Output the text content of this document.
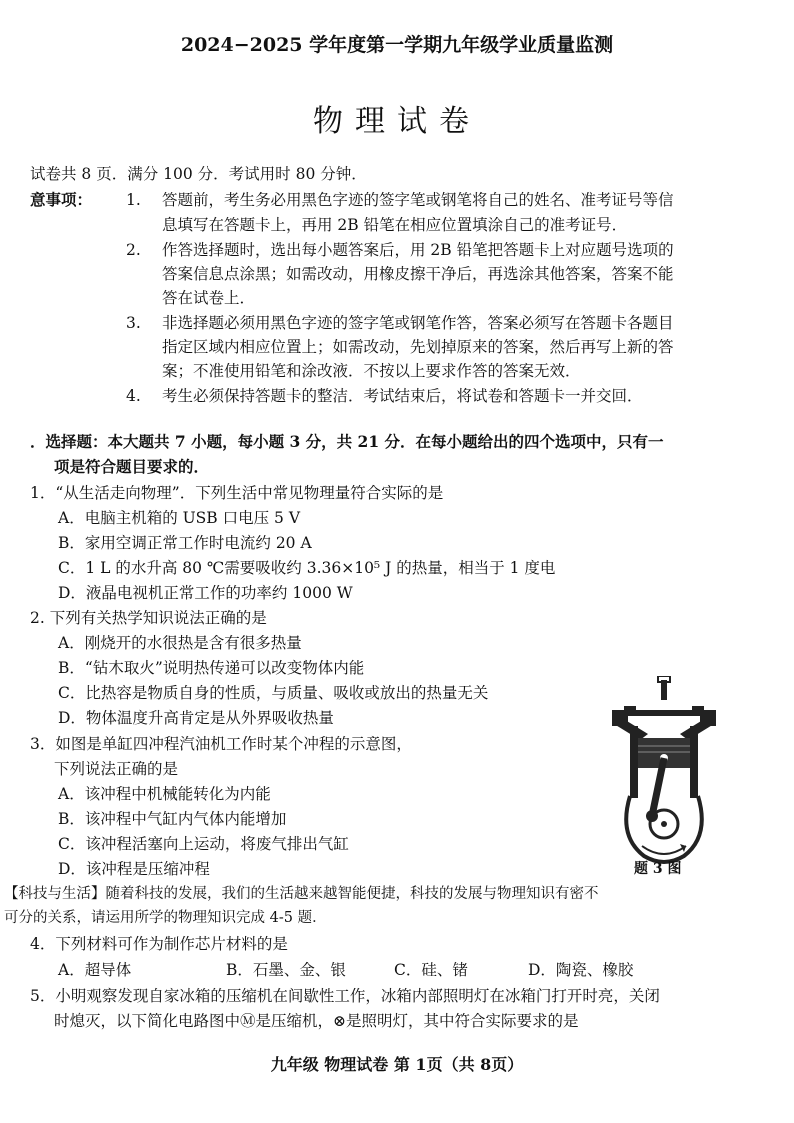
2024−2025 学年度第一学期九年级学业质量监测
物理试卷
试卷共 8 页．满分 100 分．考试用时 80 分钟．
意事项： 1. 答题前，考生务必用黑色字迹的签字笔或钢笔将自己的姓名、准考证号等信
息填写在答题卡上，再用 2B 铅笔在相应位置填涂自己的准考证号．
2. 作答选择题时，选出每小题答案后，用 2B 铅笔把答题卡上对应题号选项的
答案信息点涂黑；如需改动，用橡皮擦干净后，再选涂其他答案，答案不能
答在试卷上．
3. 非选择题必须用黑色字迹的签字笔或钢笔作答，答案必须写在答题卡各题目
指定区域内相应位置上；如需改动，先划掉原来的答案，然后再写上新的答
案；不准使用铅笔和涂改液．不按以上要求作答的答案无效．
4. 考生必须保持答题卡的整洁．考试结束后，将试卷和答题卡一并交回．
．选择题：本大题共 7 小题，每小题 3 分，共 21 分．在每小题给出的四个选项中，只有一
项是符合题目要求的．
1．“从生活走向物理”．下列生活中常见物理量符合实际的是
A．电脑主机箱的 USB 口电压 5 V
B．家用空调正常工作时电流约 20 A
C．1 L 的水升高 80 ℃需要吸收约 3.36×10⁵ J 的热量，相当于 1 度电
D．液晶电视机正常工作的功率约 1000 W
2. 下列有关热学知识说法正确的是
A．刚烧开的水很热是含有很多热量
B．“钻木取火”说明热传递可以改变物体内能
C．比热容是物质自身的性质，与质量、吸收或放出的热量无关
D．物体温度升高肯定是从外界吸收热量
3．如图是单缸四冲程汽油机工作时某个冲程的示意图，
下列说法正确的是
A．该冲程中机械能转化为内能
B．该冲程中气缸内气体内能增加
C．该冲程活塞向上运动，将废气排出气缸
D．该冲程是压缩冲程	题 3 图
【科技与生活】随着科技的发展，我们的生活越来越智能便捷，科技的发展与物理知识有密不
可分的关系，请运用所学的物理知识完成 4-5 题．
4．下列材料可作为制作芯片材料的是
A．超导体	B．石墨、金、银	C．硅、锗	D．陶瓷、橡胶
5．小明观察发现自家冰箱的压缩机在间歇性工作，冰箱内部照明灯在冰箱门打开时亮，关闭
时熄灭，以下简化电路图中Ⓜ是压缩机，⊗是照明灯，其中符合实际要求的是
九年级 物理试卷 第 1页（共 8页）
